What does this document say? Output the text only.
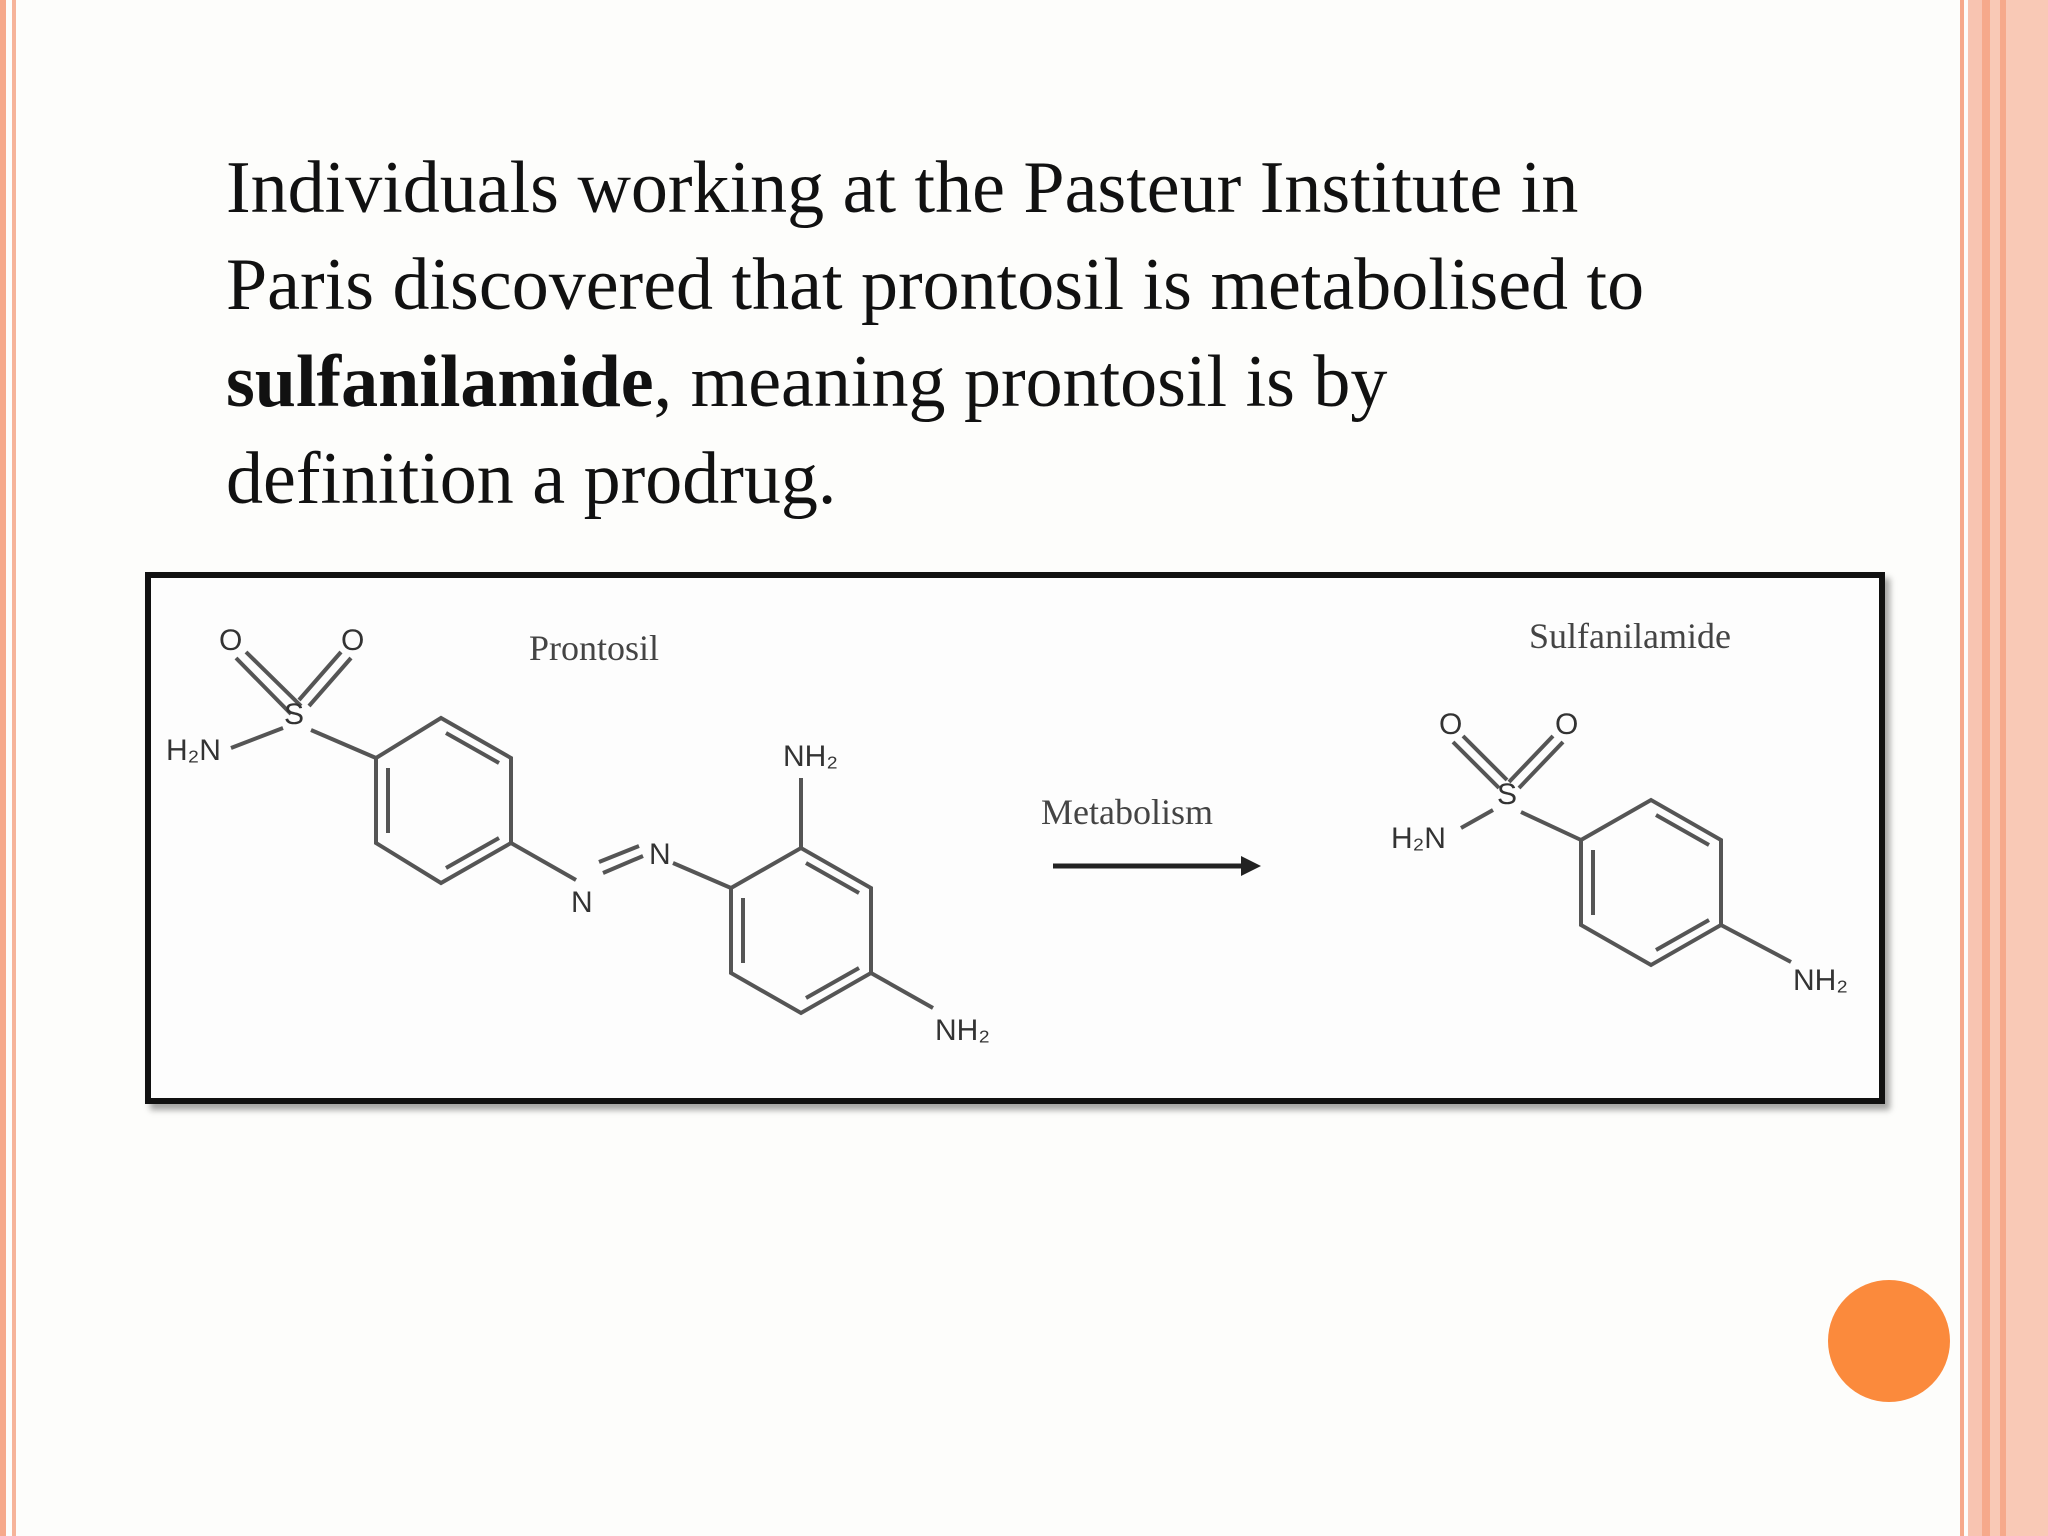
Individuals working at the Pasteur Institute in
Paris discovered that prontosil is metabolised to
sulfanilamide, meaning prontosil is by
definition a prodrug.
O	O
S
H₂N
N
N
NH₂
NH₂
O	O
S
H₂N
NH₂
Prontosil	Sulfanilamide
Metabolism
